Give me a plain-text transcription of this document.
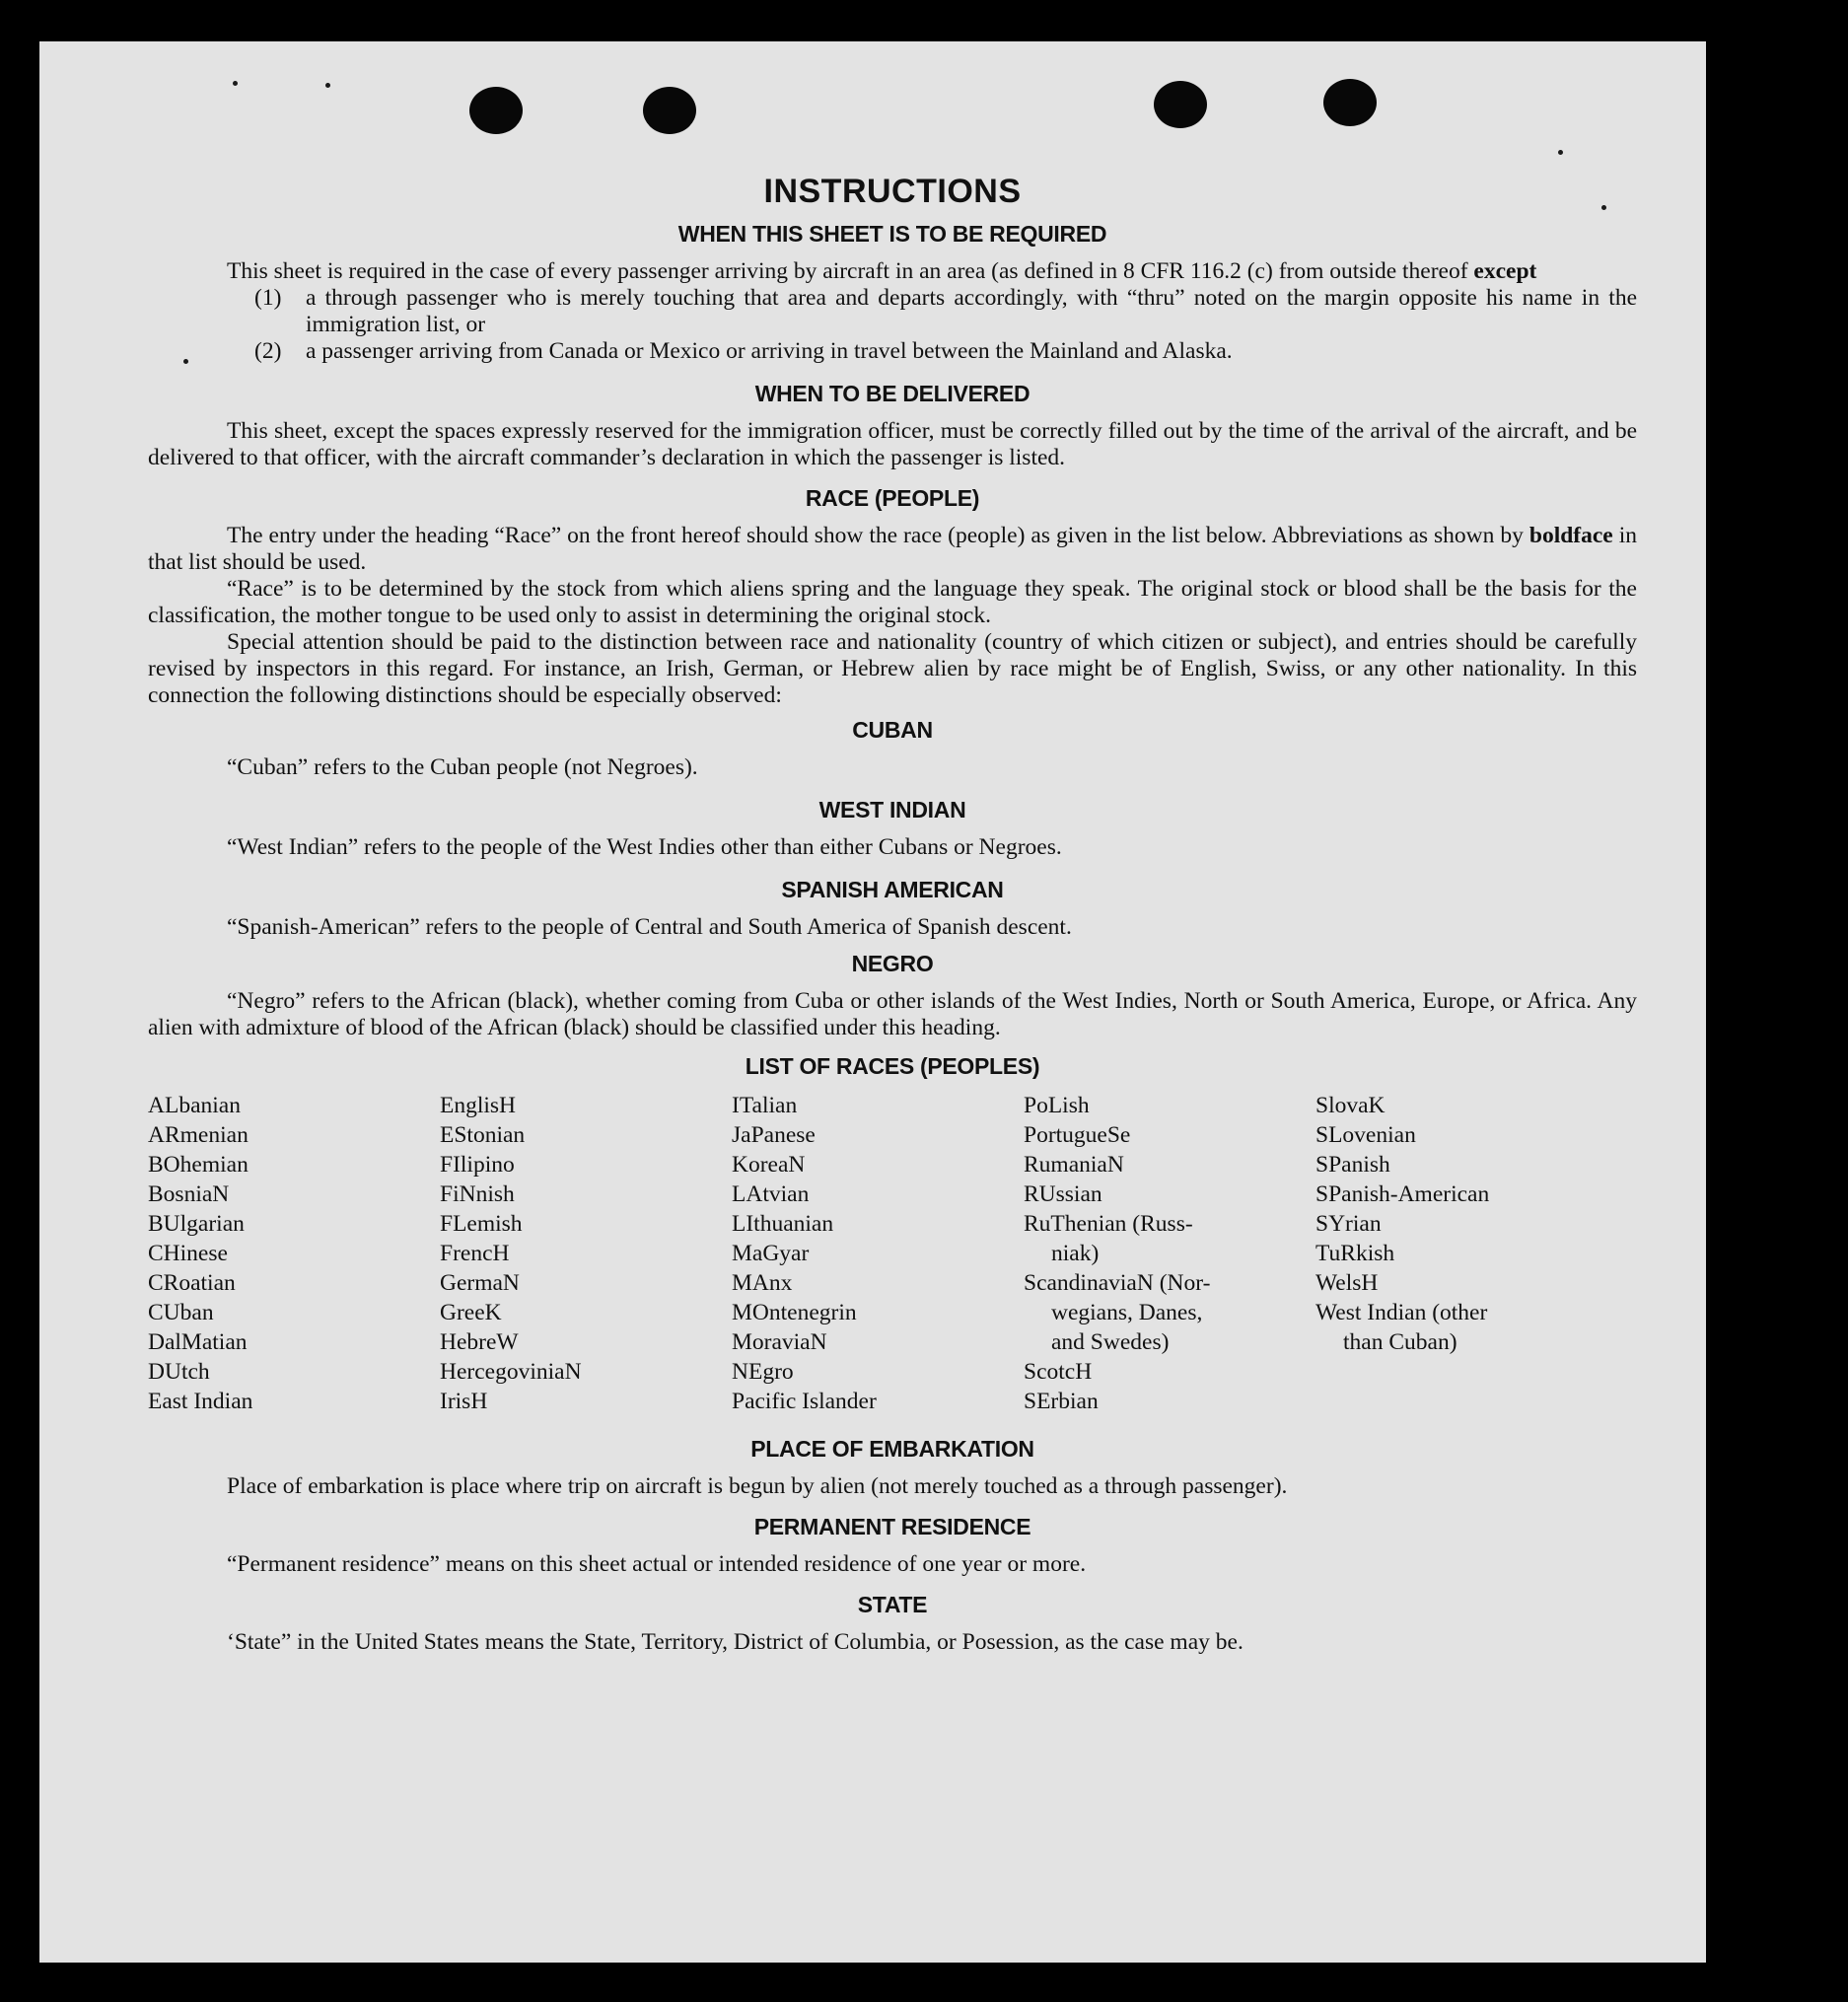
INSTRUCTIONS
WHEN THIS SHEET IS TO BE REQUIRED

This sheet is required in the case of every passenger arriving by aircraft in an area (as defined in 8 CFR 116.2 (c) from outside thereof except

(1) a through passenger who is merely touching that area and departs accordingly, with “thru” noted on the margin opposite his name in the immigration list, or
(2) a passenger arriving from Canada or Mexico or arriving in travel between the Mainland and Alaska.
WHEN TO BE DELIVERED

This sheet, except the spaces expressly reserved for the immigration officer, must be correctly filled out by the time of the arrival of the aircraft, and be delivered to that officer, with the aircraft commander’s declaration in which the passenger is listed.

RACE (PEOPLE)

The entry under the heading “Race” on the front hereof should show the race (people) as given in the list below. Abbreviations as shown by boldface in that list should be used.

“Race” is to be determined by the stock from which aliens spring and the language they speak. The original stock or blood shall be the basis for the classification, the mother tongue to be used only to assist in determining the original stock.

Special attention should be paid to the distinction between race and nationality (country of which citizen or subject), and entries should be carefully revised by inspectors in this regard. For instance, an Irish, German, or Hebrew alien by race might be of English, Swiss, or any other nationality. In this connection the following distinctions should be especially observed:

CUBAN

“Cuban” refers to the Cuban people (not Negroes).

WEST INDIAN

“West Indian” refers to the people of the West Indies other than either Cubans or Negroes.

SPANISH AMERICAN

“Spanish-American” refers to the people of Central and South America of Spanish descent.

NEGRO

“Negro” refers to the African (black), whether coming from Cuba or other islands of the West Indies, North or South America, Europe, or Africa. Any alien with admixture of blood of the African (black) should be classified under this heading.

LIST OF RACES (PEOPLES)
ALbanian
ARmenian
BOhemian
BosniaN
BUlgarian
CHinese
CRoatian
CUban
DalMatian
DUtch
East Indian
EnglisH
EStonian
FIlipino
FiNnish
FLemish
FrencH
GermaN
GreeK
HebreW
HercegoviniaN
IrisH
ITalian
JaPanese
KoreaN
LAtvian
LIthuanian
MaGyar
MAnx
MOntenegrin
MoraviaN
NEgro
Pacific Islander
PoLish
PortugueSe
RumaniaN
RUssian
RuThenian (Russ-
niak)
ScandinaviaN (Nor-
wegians, Danes,
and Swedes)
ScotcH
SErbian
SlovaK
SLovenian
SPanish
SPanish-American
SYrian
TuRkish
WelsH
West Indian (other
than Cuban)
PLACE OF EMBARKATION

Place of embarkation is place where trip on aircraft is begun by alien (not merely touched as a through passenger).

PERMANENT RESIDENCE

“Permanent residence” means on this sheet actual or intended residence of one year or more.

STATE

‘State” in the United States means the State, Territory, District of Columbia, or Posession, as the case may be.
